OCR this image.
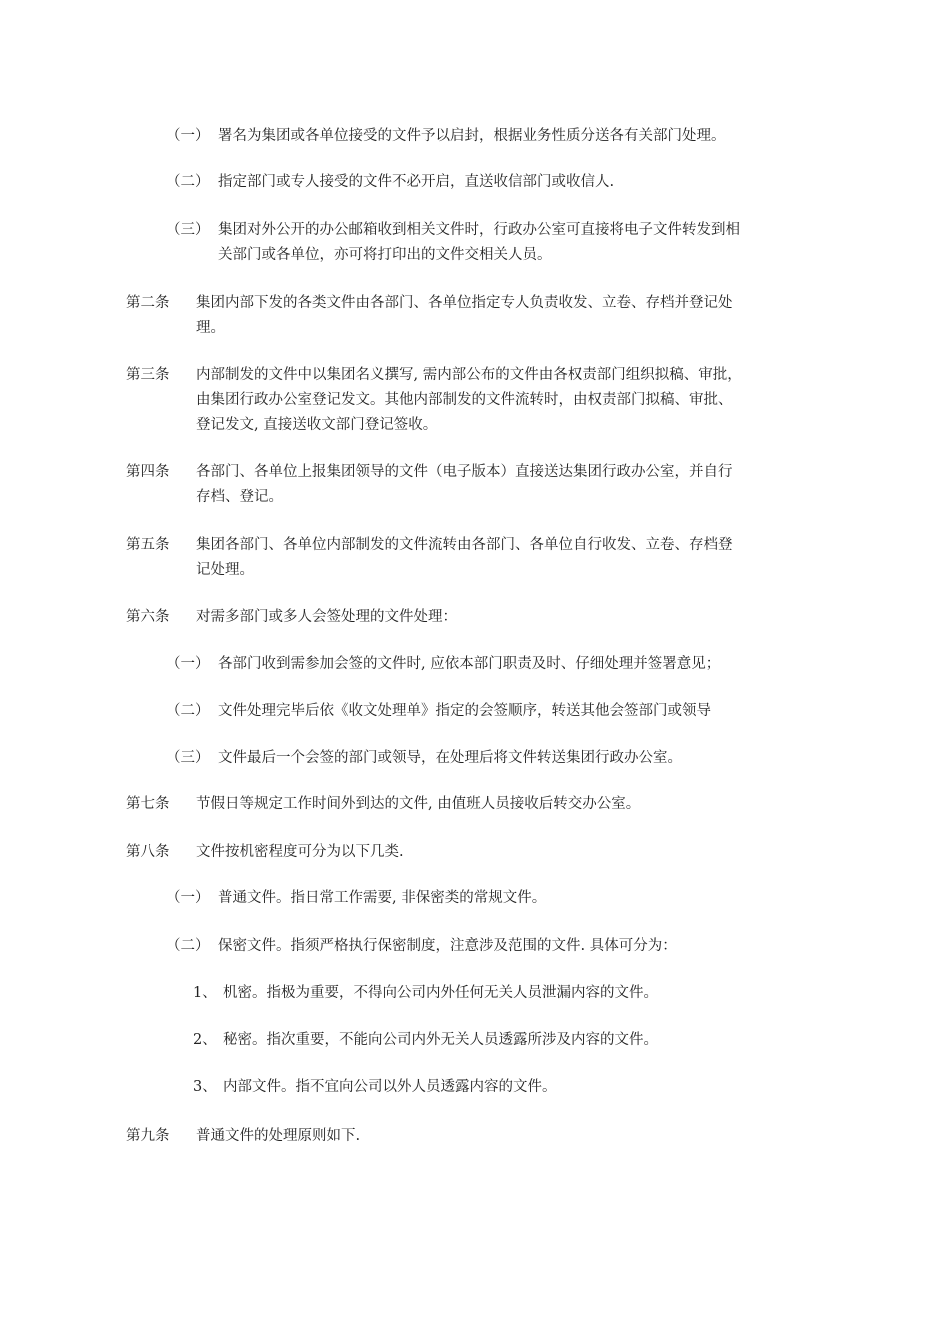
（一） 署名为集团或各单位接受的文件予以启封，根据业务性质分送各有关部门处理。
（二） 指定部门或专人接受的文件不必开启，直送收信部门或收信人.
（三） 集团对外公开的办公邮箱收到相关文件时，行政办公室可直接将电子文件转发到相
关部门或各单位，亦可将打印出的文件交相关人员。
第二条 集团内部下发的各类文件由各部门、各单位指定专人负责收发、立卷、存档并登记处
理。
第三条 内部制发的文件中以集团名义撰写, 需内部公布的文件由各权责部门组织拟稿、审批，
由集团行政办公室登记发文。其他内部制发的文件流转时，由权责部门拟稿、审批、
登记发文, 直接送收文部门登记签收。
第四条 各部门、各单位上报集团领导的文件（电子版本）直接送达集团行政办公室，并自行
存档、登记。
第五条 集团各部门、各单位内部制发的文件流转由各部门、各单位自行收发、立卷、存档登
记处理。
第六条 对需多部门或多人会签处理的文件处理：
（一） 各部门收到需参加会签的文件时, 应依本部门职责及时、仔细处理并签署意见；
（二） 文件处理完毕后依《收文处理单》指定的会签顺序，转送其他会签部门或领导
（三） 文件最后一个会签的部门或领导，在处理后将文件转送集团行政办公室。
第七条 节假日等规定工作时间外到达的文件, 由值班人员接收后转交办公室。
第八条 文件按机密程度可分为以下几类.
（一） 普通文件。指日常工作需要, 非保密类的常规文件。
（二） 保密文件。指须严格执行保密制度，注意涉及范围的文件. 具体可分为：
1、 机密。指极为重要，不得向公司内外任何无关人员泄漏内容的文件。
2、 秘密。指次重要，不能向公司内外无关人员透露所涉及内容的文件。
3、 内部文件。指不宜向公司以外人员透露内容的文件。
第九条 普通文件的处理原则如下.
